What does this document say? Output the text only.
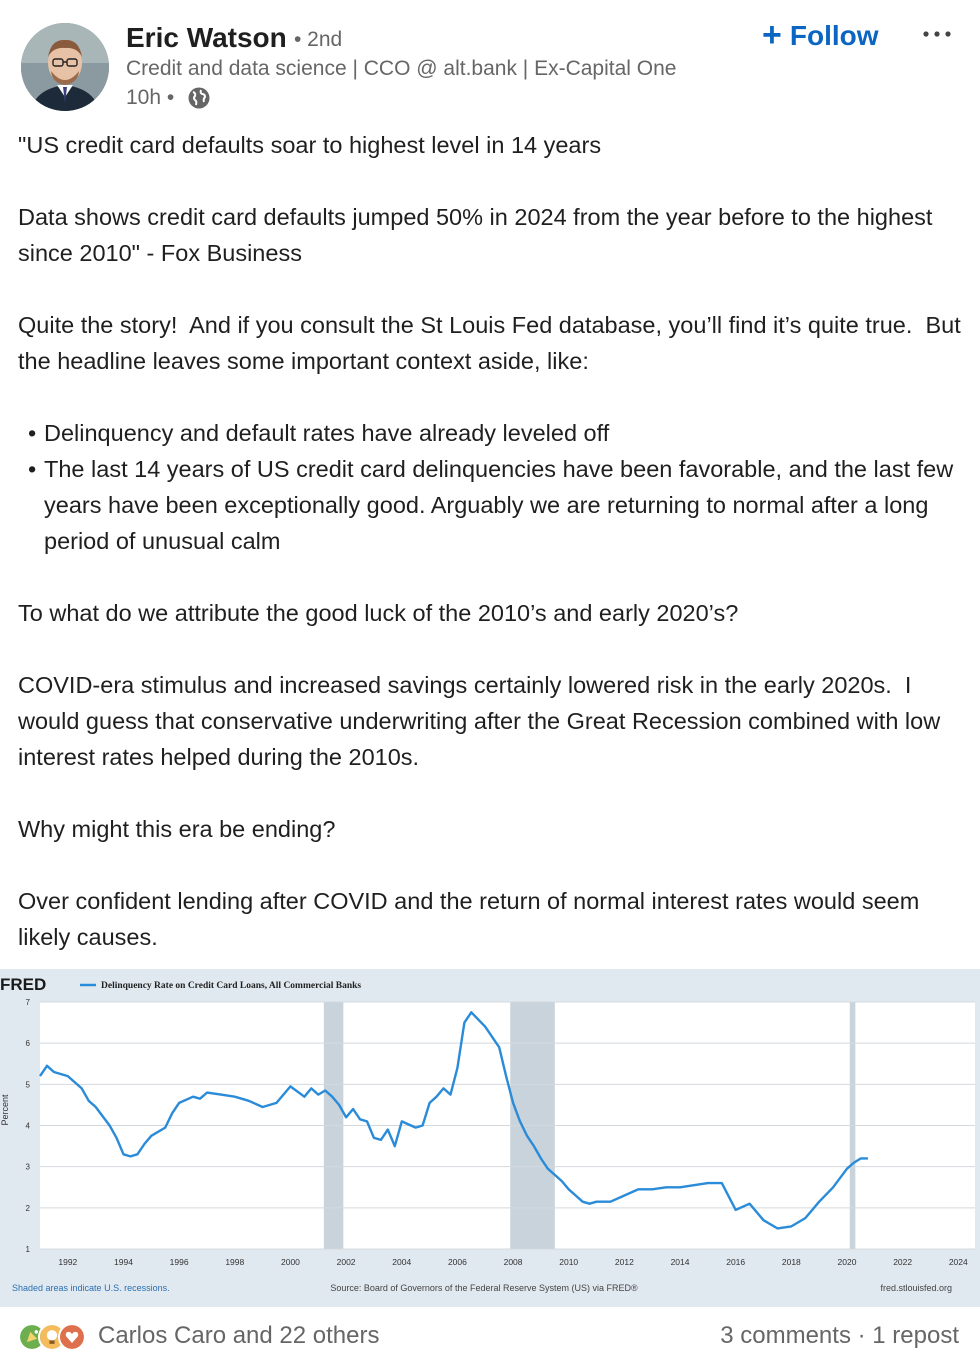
Eric Watson • 2nd
Credit and data science | CCO @ alt.bank | Ex-Capital One
10h •
+ Follow

"US credit card defaults soar to highest level in 14 years

Data shows credit card defaults jumped 50% in 2024 from the year before to the highest since 2010" - Fox Business

Quite the story!  And if you consult the St Louis Fed database, you’ll find it’s quite true.  But the headline leaves some important context aside, like:

• Delinquency and default rates have already leveled off
• The last 14 years of US credit card delinquencies have been favorable, and the last few years have been exceptionally good. Arguably we are returning to normal after a long period of unusual calm

To what do we attribute the good luck of the 2010’s and early 2020’s?

COVID-era stimulus and increased savings certainly lowered risk in the early 2020s.  I would guess that conservative underwriting after the Great Recession combined with low interest rates helped during the 2010s.

Why might this era be ending?

Over confident lending after COVID and the return of normal interest rates would seem likely causes.

FRED	Delinquency Rate on Credit Card Loans, All Commercial Banks
1
2
3
4
5
6
7
1992	1994	1996	1998	2000	2002	2004	2006	2008	2010	2012	2014	2016	2018	2020	2022	2024
Percent
Shaded areas indicate U.S. recessions.	Source: Board of Governors of the Federal Reserve System (US) via FRED®	fred.stlouisfed.org
Carlos Caro and 22 others	3 comments · 1 repost
